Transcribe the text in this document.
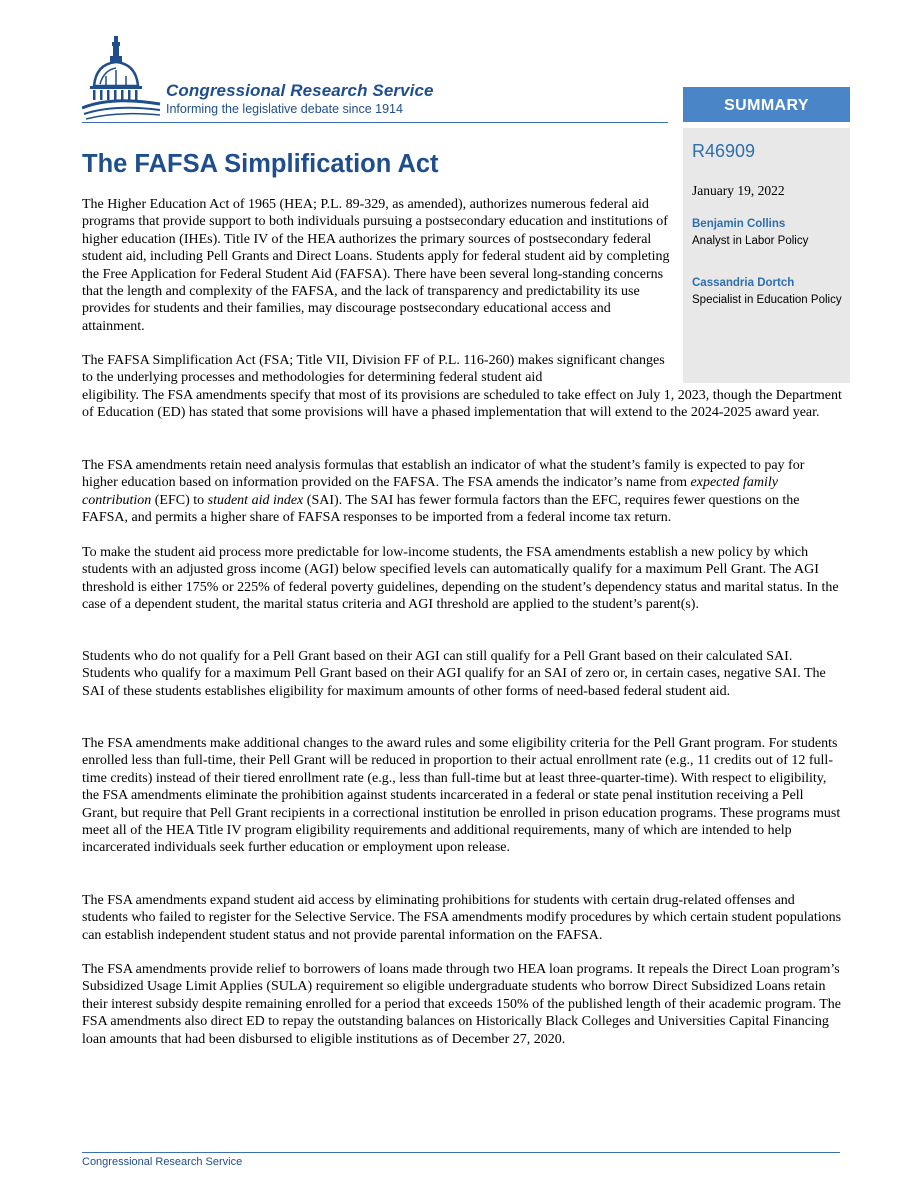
Congressional Research Service
Informing the legislative debate since 1914	SUMMARY
R46909
January 19, 2022
Benjamin Collins
Analyst in Labor Policy
Cassandria Dortch
Specialist in Education Policy
The FAFSA Simplification Act

The Higher Education Act of 1965 (HEA; P.L. 89-329, as amended), authorizes numerous federal aid programs that provide support to both individuals pursuing a postsecondary education and institutions of higher education (IHEs). Title IV of the HEA authorizes the primary sources of postsecondary federal student aid, including Pell Grants and Direct Loans. Students apply for federal student aid by completing the Free Application for Federal Student Aid (FAFSA). There have been several long-standing concerns that the length and complexity of the FAFSA, and the lack of transparency and predictability its use provides for students and their families, may discourage postsecondary educational access and attainment.

The FAFSA Simplification Act (FSA; Title VII, Division FF of P.L. 116-260) makes significant changes to the underlying processes and methodologies for determining federal student aid

eligibility. The FSA amendments specify that most of its provisions are scheduled to take effect on July 1, 2023, though the Department of Education (ED) has stated that some provisions will have a phased implementation that will extend to the 2024-2025 award year.

The FSA amendments retain need analysis formulas that establish an indicator of what the student’s family is expected to pay for higher education based on information provided on the FAFSA. The FSA amends the indicator’s name from expected family contribution (EFC) to student aid index (SAI). The SAI has fewer formula factors than the EFC, requires fewer questions on the FAFSA, and permits a higher share of FAFSA responses to be imported from a federal income tax return.

To make the student aid process more predictable for low-income students, the FSA amendments establish a new policy by which students with an adjusted gross income (AGI) below specified levels can automatically qualify for a maximum Pell Grant. The AGI threshold is either 175% or 225% of federal poverty guidelines, depending on the student’s dependency status and marital status. In the case of a dependent student, the marital status criteria and AGI threshold are applied to the student’s parent(s).

Students who do not qualify for a Pell Grant based on their AGI can still qualify for a Pell Grant based on their calculated SAI. Students who qualify for a maximum Pell Grant based on their AGI qualify for an SAI of zero or, in certain cases, negative SAI. The SAI of these students establishes eligibility for maximum amounts of other forms of need-based federal student aid.

The FSA amendments make additional changes to the award rules and some eligibility criteria for the Pell Grant program. For students enrolled less than full-time, their Pell Grant will be reduced in proportion to their actual enrollment rate (e.g., 11 credits out of 12 full-time credits) instead of their tiered enrollment rate (e.g., less than full-time but at least three-quarter-time). With respect to eligibility, the FSA amendments eliminate the prohibition against students incarcerated in a federal or state penal institution receiving a Pell Grant, but require that Pell Grant recipients in a correctional institution be enrolled in prison education programs. These programs must meet all of the HEA Title IV program eligibility requirements and additional requirements, many of which are intended to help incarcerated individuals seek further education or employment upon release.

The FSA amendments expand student aid access by eliminating prohibitions for students with certain drug-related offenses and students who failed to register for the Selective Service. The FSA amendments modify procedures by which certain student populations can establish independent student status and not provide parental information on the FAFSA.

The FSA amendments provide relief to borrowers of loans made through two HEA loan programs. It repeals the Direct Loan program’s Subsidized Usage Limit Applies (SULA) requirement so eligible undergraduate students who borrow Direct Subsidized Loans retain their interest subsidy despite remaining enrolled for a period that exceeds 150% of the published length of their academic program. The FSA amendments also direct ED to repay the outstanding balances on Historically Black Colleges and Universities Capital Financing loan amounts that had been disbursed to eligible institutions as of December 27, 2020.

Congressional Research Service
